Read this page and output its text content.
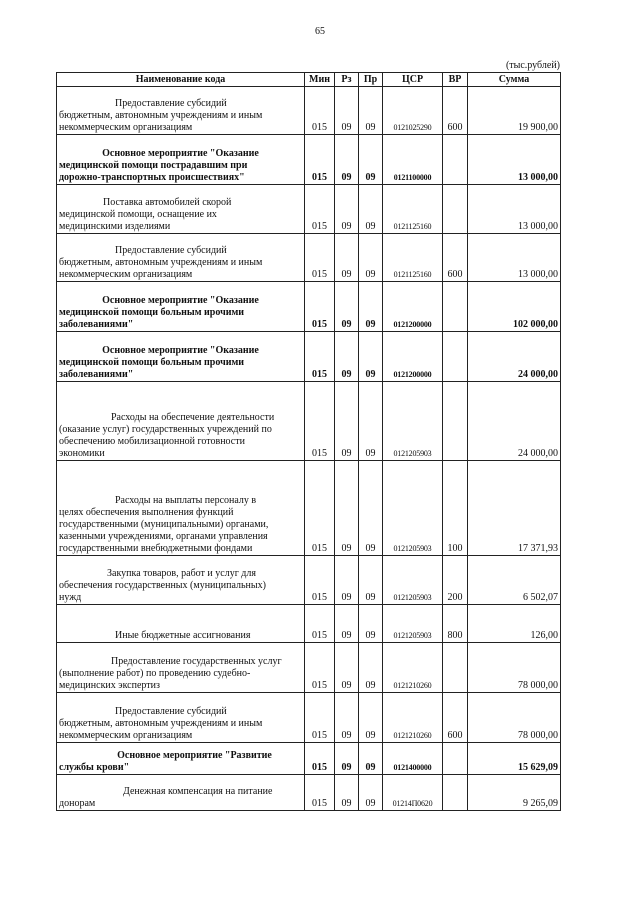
65
(тыс.рублей)
Наименование кода	Мин	Рз	Пр	ЦСР	ВР	Сумма

Предоставление субсидий
бюджетным, автономным учреждениям и иным
некоммерческим организациям	015	09	09	0121025290	600	19 900,00

Основное мероприятие "Оказание
медицинской помощи пострадавшим при
дорожно-транспортных происшествиях"	015	09	09	0121100000		13 000,00

Поставка автомобилей скорой
медицинской помощи, оснащение их
медицинскими изделиями	015	09	09	0121125160		13 000,00

Предоставление субсидий
бюджетным, автономным учреждениям и иным
некоммерческим организациям	015	09	09	0121125160	600	13 000,00

Основное мероприятие "Оказание
медицинской помощи больным ирочими
заболеваниями"	015	09	09	0121200000		102 000,00

Основное мероприятие "Оказание
медицинской помощи больным прочими
заболеваниями"	015	09	09	0121200000		24 000,00

Расходы на обеспечение деятельности
(оказание услуг) государственных учреждений по
обеспечению мобилизационной готовности
экономики	015	09	09	0121205903		24 000,00

Расходы на выплаты персоналу в
целях обеспечения выполнения функций
государственными (муниципальными) органами,
казенными учреждениями, органами управления
государственными внебюджетными фондами	015	09	09	0121205903	100	17 371,93

Закупка товаров, работ и услуг для
обеспечения государственных (муниципальных)
нужд	015	09	09	0121205903	200	6 502,07

Иные бюджетные ассигнования	015	09	09	0121205903	800	126,00

Предоставление государственных услуг
(выполнение работ) по проведению судебно-
медицинских экспертиз	015	09	09	0121210260		78 000,00

Предоставление субсидий
бюджетным, автономным учреждениям и иным
некоммерческим организациям	015	09	09	0121210260	600	78 000,00

Основное мероприятие "Развитие
службы крови"	015	09	09	0121400000		15 629,09

Денежная компенсация на питание
донорам	015	09	09	01214П0620		9 265,09
